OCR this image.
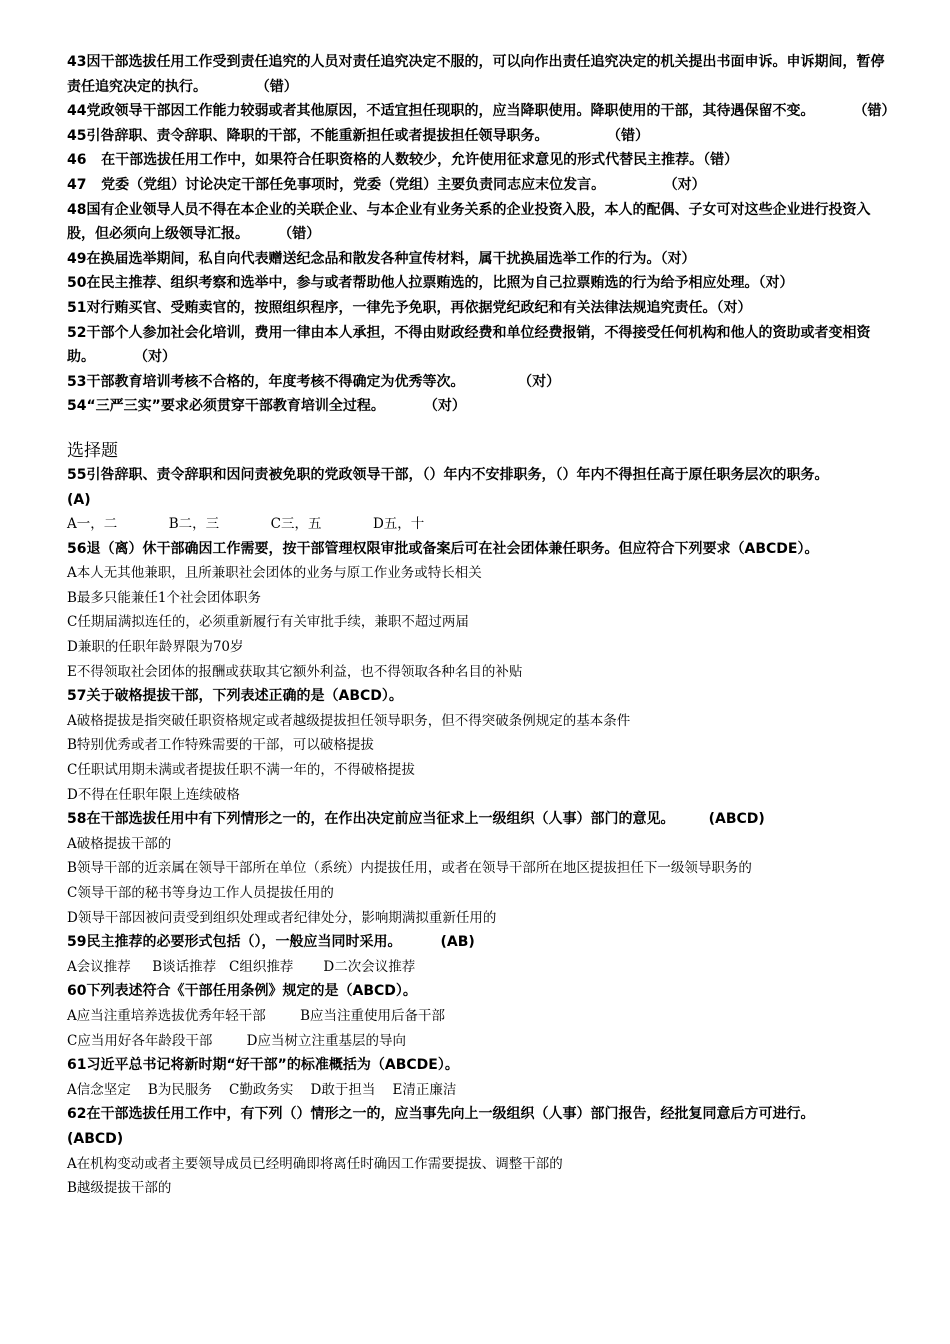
43因干部选拔任用工作受到责任追究的人员对责任追究决定不服的，可以向作出责任追究决定的机关提出书面申诉。申诉期间，暂停责任追究决定的执行。          （错）

44党政领导干部因工作能力较弱或者其他原因，不适宜担任现职的，应当降职使用。降职使用的干部，其待遇保留不变。        （错）

45引咎辞职、责令辞职、降职的干部，不能重新担任或者提拔担任领导职务。            （错）

46   在干部选拔任用工作中，如果符合任职资格的人数较少，允许使用征求意见的形式代替民主推荐。（错）

47   党委（党组）讨论决定干部任免事项时，党委（党组）主要负责同志应末位发言。            （对）

48国有企业领导人员不得在本企业的关联企业、与本企业有业务关系的企业投资入股，本人的配偶、子女可对这些企业进行投资入股，但必须向上级领导汇报。      （错）

49在换届选举期间，私自向代表赠送纪念品和散发各种宣传材料，属干扰换届选举工作的行为。（对）

50在民主推荐、组织考察和选举中，参与或者帮助他人拉票贿选的，比照为自己拉票贿选的行为给予相应处理。（对）

51对行贿买官、受贿卖官的，按照组织程序，一律先予免职，再依据党纪政纪和有关法律法规追究责任。（对）

52干部个人参加社会化培训，费用一律由本人承担，不得由财政经费和单位经费报销，不得接受任何机构和他人的资助或者变相资助。        （对）

53干部教育培训考核不合格的，年度考核不得确定为优秀等次。           （对）

54“三严三实”要求必须贯穿干部教育培训全过程。        （对）

选择题

55引咎辞职、责令辞职和因问责被免职的党政领导干部，（）年内不安排职务，（）年内不得担任高于原任职务层次的职务。        (A)

A一，二            B二，三            C三，五            D五，十

56退（离）休干部确因工作需要，按干部管理权限审批或备案后可在社会团体兼任职务。但应符合下列要求（ABCDE）。

A本人无其他兼职，且所兼职社会团体的业务与原工作业务或特长相关

B最多只能兼任1个社会团体职务

C任期届满拟连任的，必须重新履行有关审批手续，兼职不超过两届

D兼职的任职年龄界限为70岁

E不得领取社会团体的报酬或获取其它额外利益，也不得领取各种名目的补贴

57关于破格提拔干部，下列表述正确的是（ABCD）。

A破格提拔是指突破任职资格规定或者越级提拔担任领导职务，但不得突破条例规定的基本条件

B特别优秀或者工作特殊需要的干部，可以破格提拔

C任职试用期未满或者提拔任职不满一年的，不得破格提拔

D不得在任职年限上连续破格

58在干部选拔任用中有下列情形之一的，在作出决定前应当征求上一级组织（人事）部门的意见。       (ABCD)

A破格提拔干部的

B领导干部的近亲属在领导干部所在单位（系统）内提拔任用，或者在领导干部所在地区提拔担任下一级领导职务的

C领导干部的秘书等身边工作人员提拔任用的

D领导干部因被问责受到组织处理或者纪律处分，影响期满拟重新任用的

59民主推荐的必要形式包括（），一般应当同时采用。        (AB)

A会议推荐     B谈话推荐   C组织推荐       D二次会议推荐

60下列表述符合《干部任用条例》规定的是（ABCD）。

A应当注重培养选拔优秀年轻干部        B应当注重使用后备干部

C应当用好各年龄段干部        D应当树立注重基层的导向

61习近平总书记将新时期“好干部”的标准概括为（ABCDE）。

A信念坚定    B为民服务    C勤政务实    D敢于担当    E清正廉洁

62在干部选拔任用工作中，有下列（）情形之一的，应当事先向上一级组织（人事）部门报告，经批复同意后方可进行。      (ABCD)

A在机构变动或者主要领导成员已经明确即将离任时确因工作需要提拔、调整干部的

B越级提拔干部的
